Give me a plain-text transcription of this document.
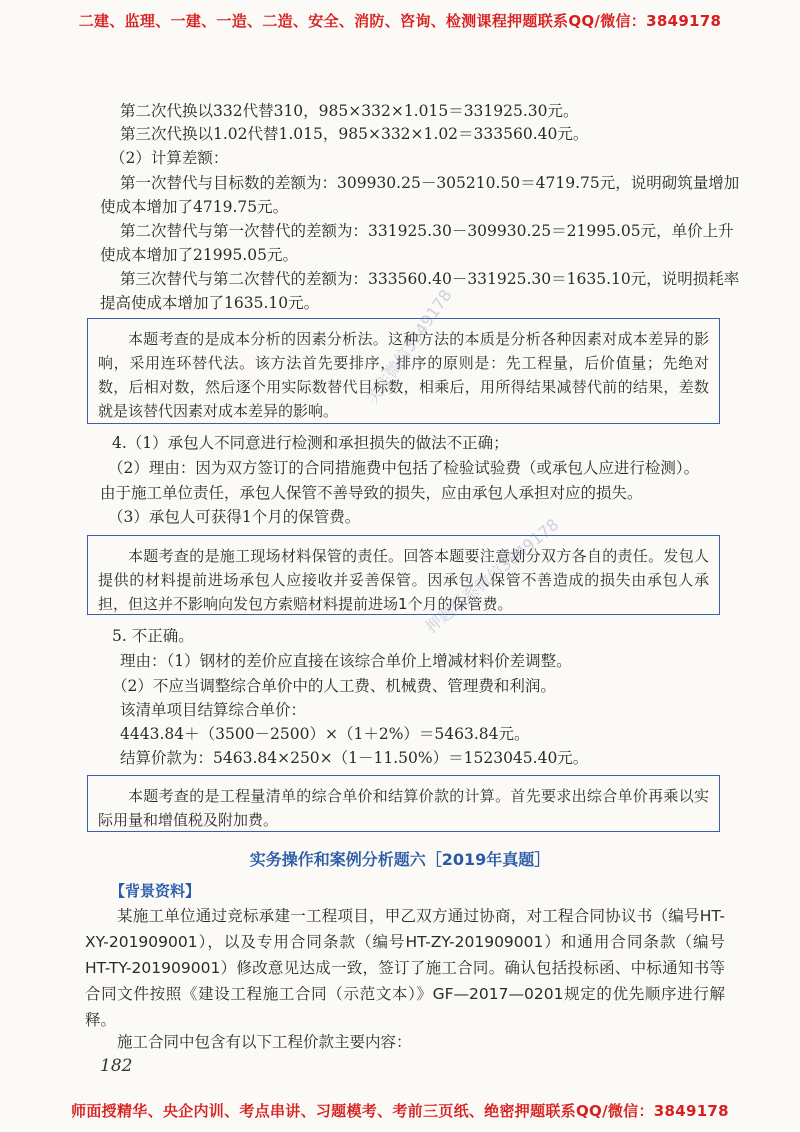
二建、监理、一建、一造、二造、安全、消防、咨询、检测课程押题联系QQ/微信：3849178
第二次代换以332代替310，985×332×1.015＝331925.30元。
第三次代换以1.02代替1.015，985×332×1.02＝333560.40元。
（2）计算差额：
第一次替代与目标数的差额为：309930.25－305210.50＝4719.75元，说明砌筑量增加
使成本增加了4719.75元。
第二次替代与第一次替代的差额为：331925.30－309930.25＝21995.05元，单价上升
使成本增加了21995.05元。
第三次替代与第二次替代的差额为：333560.40－331925.30＝1635.10元，说明损耗率
提高使成本增加了1635.10元。
本题考查的是成本分析的因素分析法。这种方法的本质是分析各种因素对成本差异的影响，采用连环替代法。该方法首先要排序，排序的原则是：先工程量，后价值量；先绝对数，后相对数，然后逐个用实际数替代目标数，相乘后，用所得结果减替代前的结果，差数就是该替代因素对成本差异的影响。
4.（1）承包人不同意进行检测和承担损失的做法不正确；
（2）理由：因为双方签订的合同措施费中包括了检验试验费（或承包人应进行检测）。
由于施工单位责任，承包人保管不善导致的损失，应由承包人承担对应的损失。
（3）承包人可获得1个月的保管费。
本题考查的是施工现场材料保管的责任。回答本题要注意划分双方各自的责任。发包人提供的材料提前进场承包人应接收并妥善保管。因承包人保管不善造成的损失由承包人承担，但这并不影响向发包方索赔材料提前进场1个月的保管费。
5. 不正确。
理由：（1）钢材的差价应直接在该综合单价上增减材料价差调整。
（2）不应当调整综合单价中的人工费、机械费、管理费和利润。
该清单项目结算综合单价：
4443.84＋（3500－2500）×（1＋2%）＝5463.84元。
结算价款为：5463.84×250×（1－11.50%）＝1523045.40元。
本题考查的是工程量清单的综合单价和结算价款的计算。首先要求出综合单价再乘以实际用量和增值税及附加费。
实务操作和案例分析题六［2019年真题］
【背景资料】
某施工单位通过竞标承建一工程项目，甲乙双方通过协商，对工程合同协议书（编号HT-XY-201909001），以及专用合同条款（编号HT-ZY-201909001）和通用合同条款（编号HT-TY-201909001）修改意见达成一致，签订了施工合同。确认包括投标函、中标通知书等合同文件按照《建设工程施工合同（示范文本）》GF—2017—0201规定的优先顺序进行解释。
施工合同中包含有以下工程价款主要内容：
182
师面授精华、央企内训、考点串讲、习题模考、考前三页纸、绝密押题联系QQ/微信：3849178
关注微信3849178
押题联系微信3849178
